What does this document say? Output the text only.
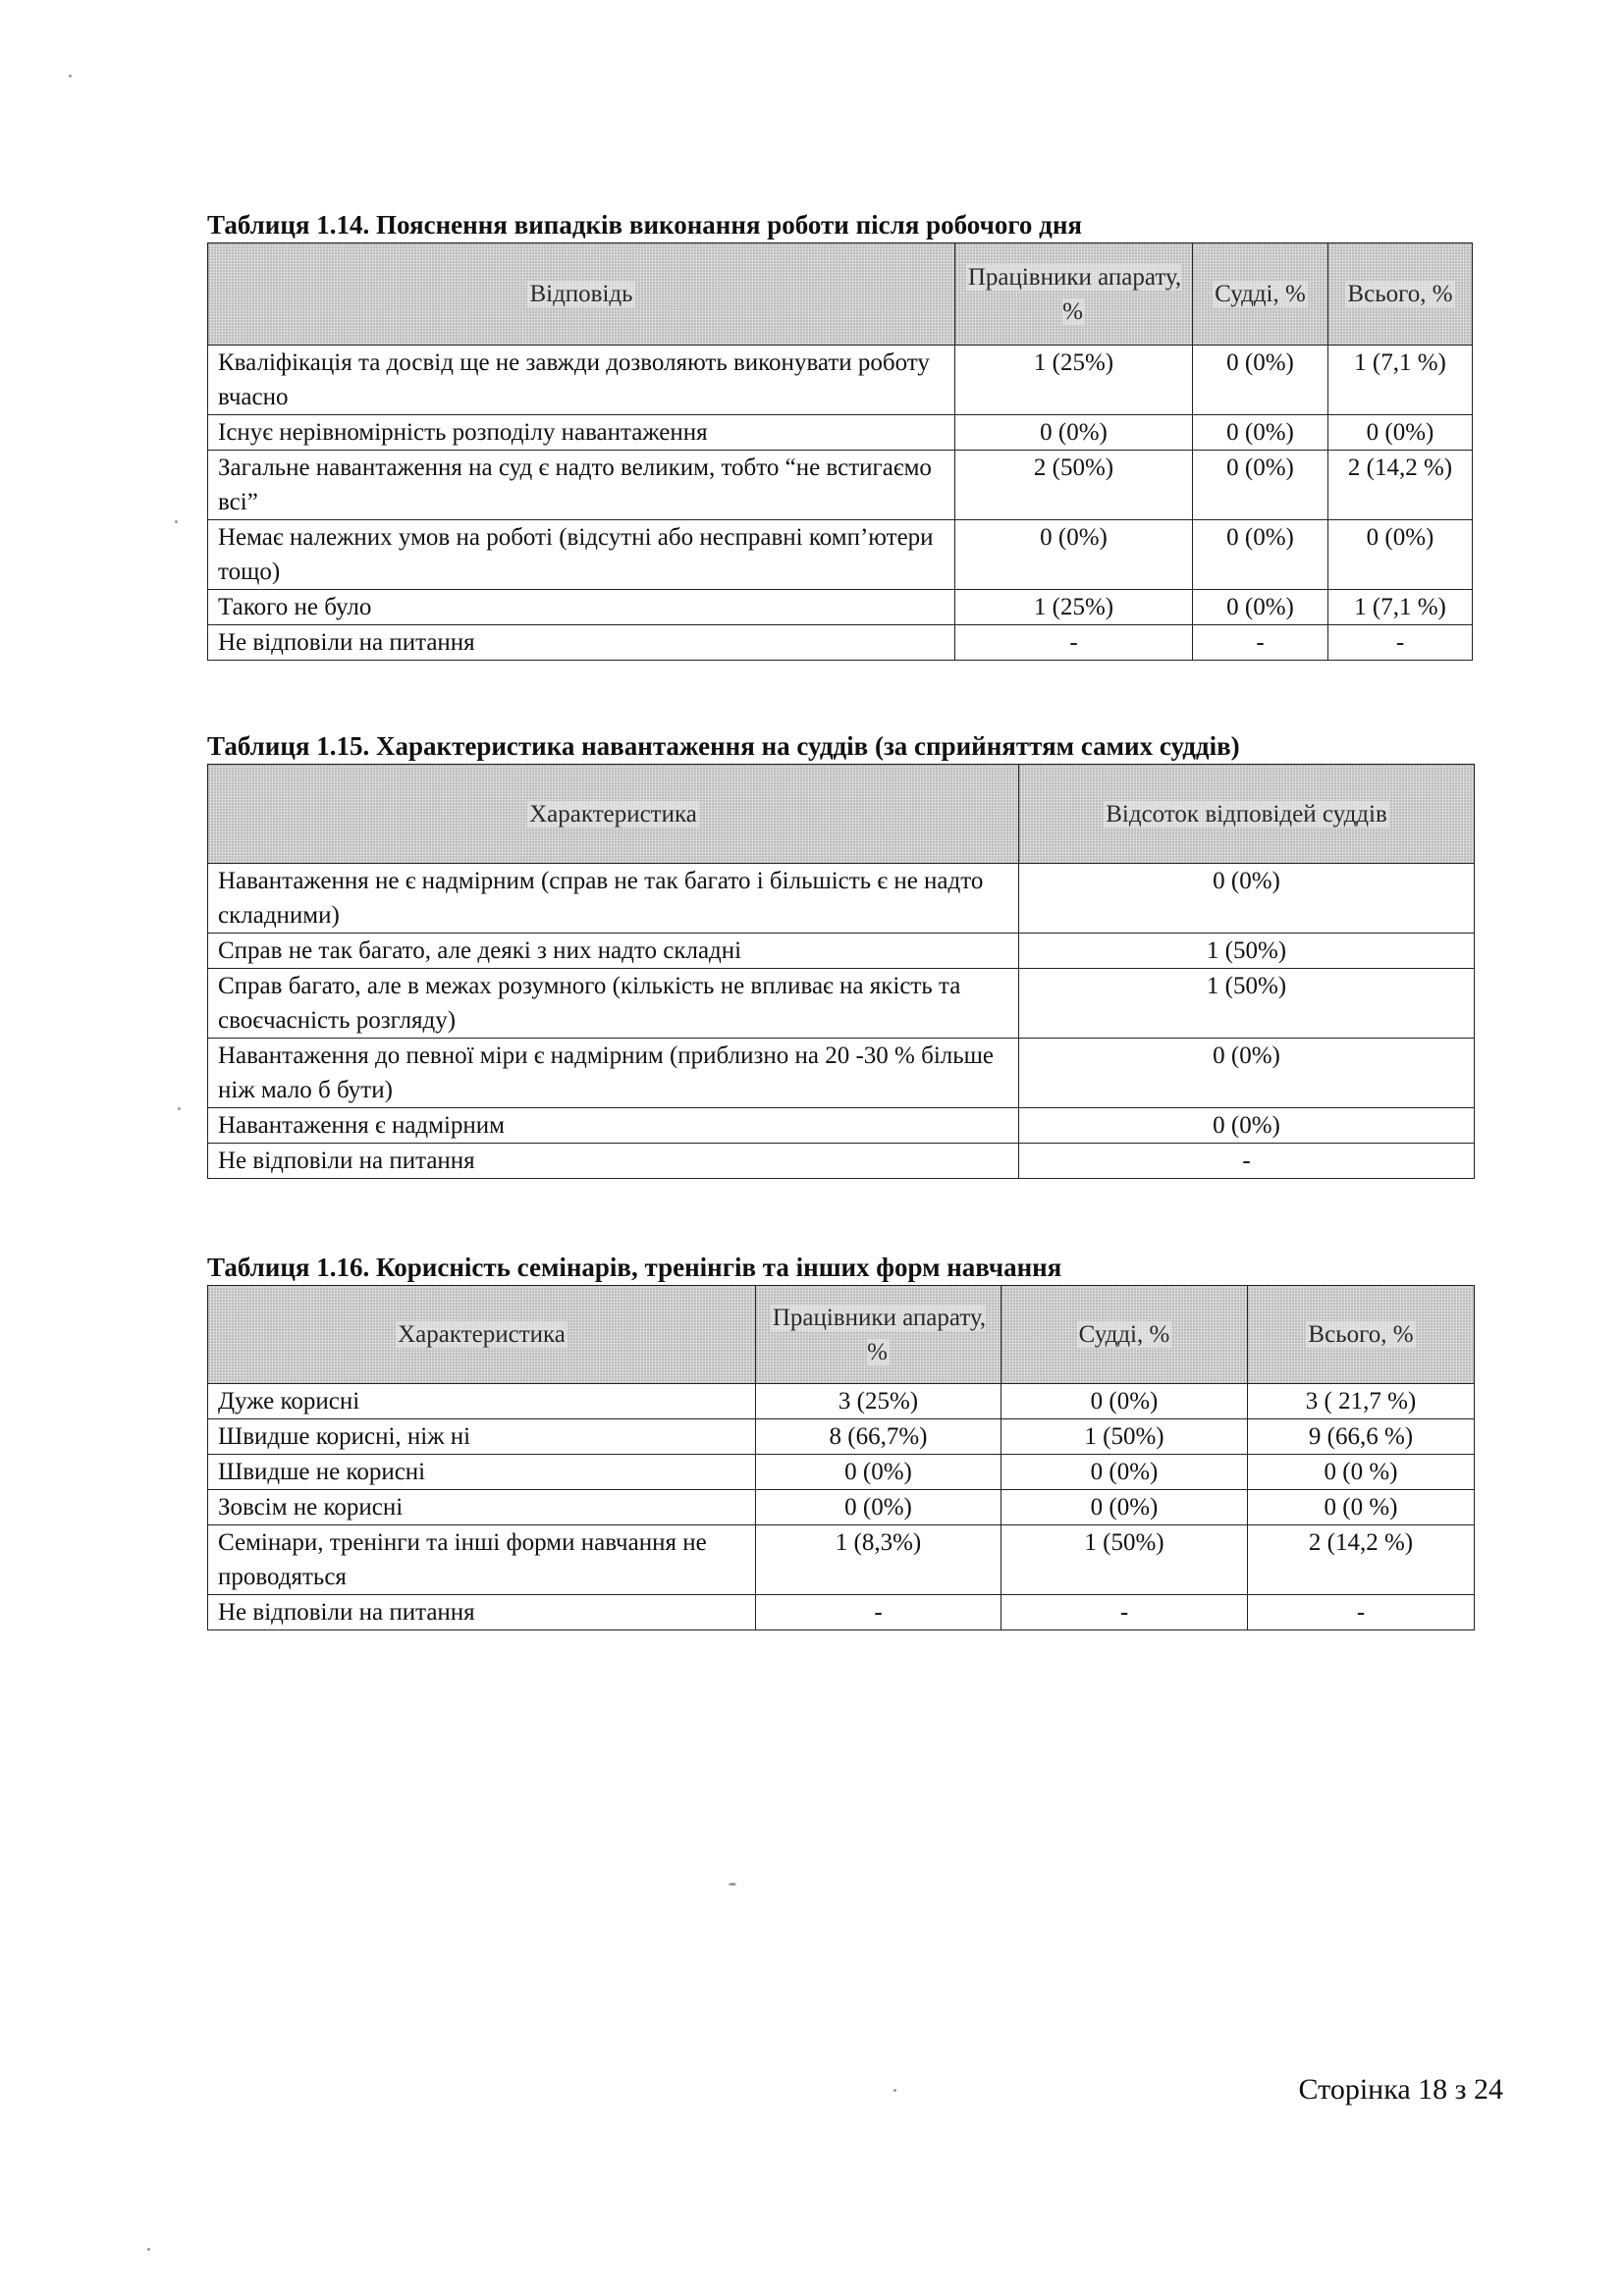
Таблиця 1.14. Пояснення випадків виконання роботи після робочого дня
Відповідь	Працівники апарату, %	Судді, %	Всього, %
Кваліфікація та досвід ще не завжди дозволяють виконувати роботу вчасно	1 (25%)	0 (0%)	1 (7,1 %)
Існує нерівномірність розподілу навантаження	0 (0%)	0 (0%)	0 (0%)
Загальне навантаження на суд є надто великим, тобто “не встигаємо всі”	2 (50%)	0 (0%)	2 (14,2 %)
Немає належних умов на роботі (відсутні або несправні комп’ютери тощо)	0 (0%)	0 (0%)	0 (0%)
Такого не було	1 (25%)	0 (0%)	1 (7,1 %)
Не відповіли на питання	-	-	-
Таблиця 1.15. Характеристика навантаження на суддів (за сприйняттям самих суддів)
Характеристика	Відсоток відповідей суддів
Навантаження не є надмірним (справ не так багато і більшість є не надто складними)	0 (0%)
Справ не так багато, але деякі з них надто складні	1 (50%)
Справ багато, але в межах розумного (кількість не впливає на якість та своєчасність розгляду)	1 (50%)
Навантаження до певної міри є надмірним (приблизно на 20 -30 % більше ніж мало б бути)	0 (0%)
Навантаження є надмірним	0 (0%)
Не відповіли на питання	-
Таблиця 1.16. Корисність семінарів, тренінгів та інших форм навчання
Характеристика	Працівники апарату, %	Судді, %	Всього, %
Дуже корисні	3 (25%)	0 (0%)	3 ( 21,7 %)
Швидше корисні, ніж ні	8 (66,7%)	1 (50%)	9 (66,6 %)
Швидше не корисні	0 (0%)	0 (0%)	0 (0 %)
Зовсім не корисні	0 (0%)	0 (0%)	0 (0 %)
Семінари, тренінги та інші форми навчання не проводяться	1 (8,3%)	1 (50%)	2 (14,2 %)
Не відповіли на питання	-	-	-
Сторінка 18 з 24
